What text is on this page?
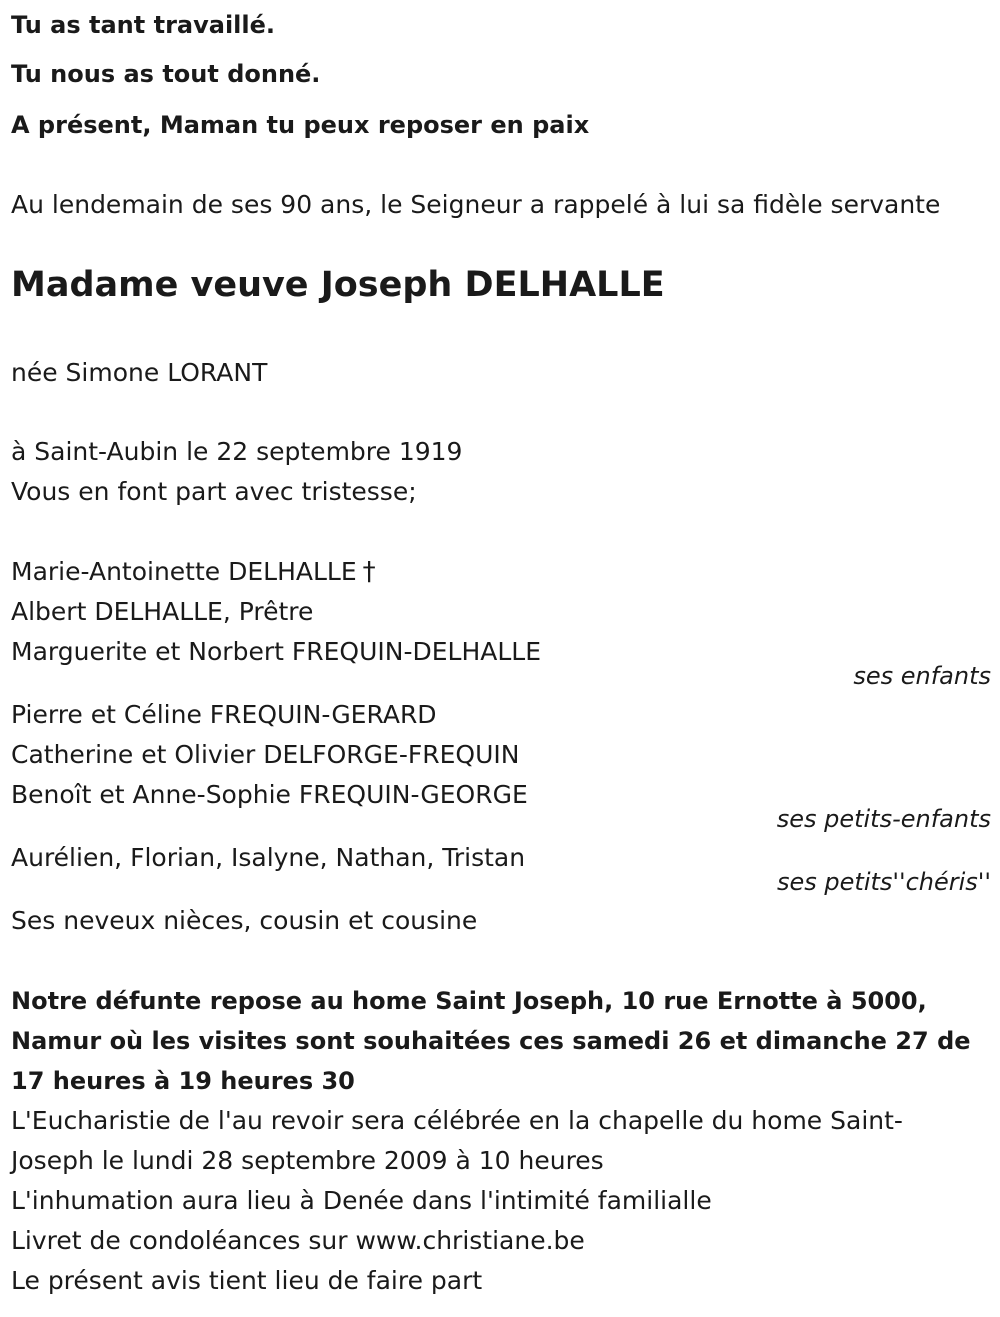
Tu as tant travaillé.
Tu nous as tout donné.
A présent, Maman tu peux reposer en paix
Au lendemain de ses 90 ans, le Seigneur a rappelé à lui sa fidèle servante
Madame veuve Joseph DELHALLE
née Simone LORANT
à Saint-Aubin le 22 septembre 1919
Vous en font part avec tristesse;
Marie-Antoinette DELHALLE †
Albert DELHALLE, Prêtre
Marguerite et Norbert FREQUIN-DELHALLE
ses enfants
Pierre et Céline FREQUIN-GERARD
Catherine et Olivier DELFORGE-FREQUIN
Benoît et Anne-Sophie FREQUIN-GEORGE
ses petits-enfants
Aurélien, Florian, Isalyne, Nathan, Tristan
ses petits''chéris''
Ses neveux nièces, cousin et cousine
Notre défunte repose au home Saint Joseph, 10 rue Ernotte à 5000,
Namur où les visites sont souhaitées ces samedi 26 et dimanche 27 de
17 heures à 19 heures 30
L'Eucharistie de l'au revoir sera célébrée en la chapelle du home Saint-
Joseph le lundi 28 septembre 2009 à 10 heures
L'inhumation aura lieu à Denée dans l'intimité familialle
Livret de condoléances sur www.christiane.be
Le présent avis tient lieu de faire part
